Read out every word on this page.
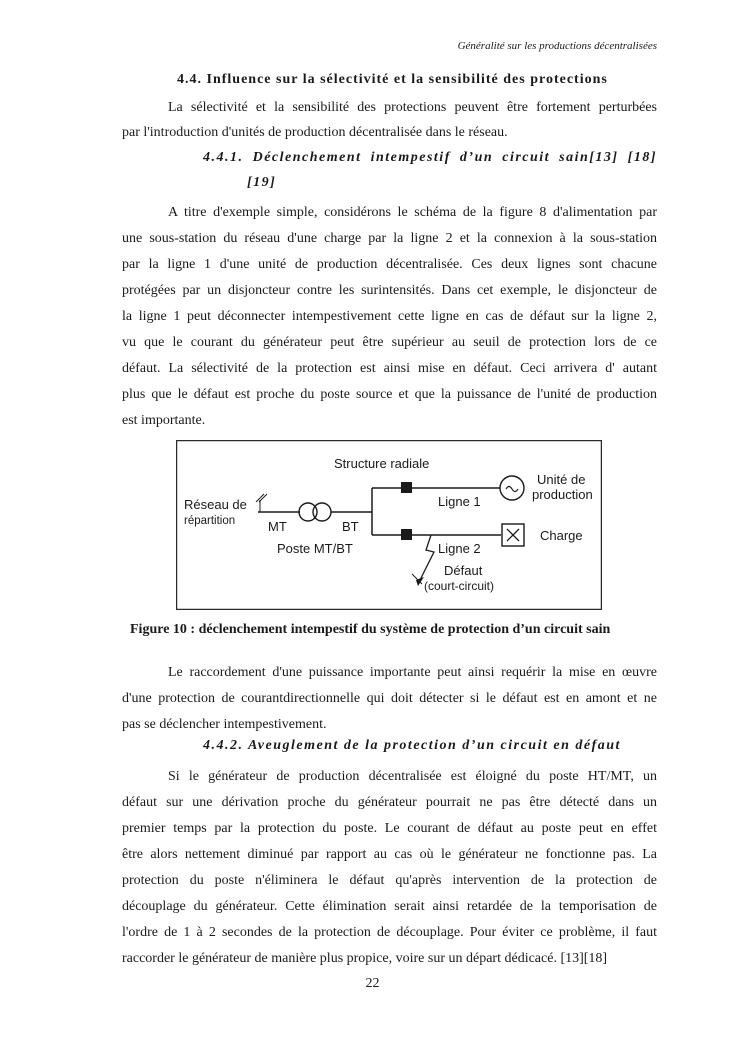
Généralité sur les productions décentralisées
4.4. Influence sur la sélectivité et la sensibilité des protections
La sélectivité et la sensibilité des protections peuvent être fortement perturbées
par l'introduction d'unités de production décentralisée dans le réseau.
4.4.1. Déclenchement intempestif d’un circuit sain[13] [18]
[19]
A titre d'exemple simple, considérons le schéma de la figure 8 d'alimentation par
une sous-station du réseau d'une charge par la ligne 2 et la connexion à la sous-station
par la ligne 1 d'une unité de production décentralisée. Ces deux lignes sont chacune
protégées par un disjoncteur contre les surintensités. Dans cet exemple, le disjoncteur de
la ligne 1 peut déconnecter intempestivement cette ligne en cas de défaut sur la ligne 2,
vu que le courant du générateur peut être supérieur au seuil de protection lors de ce
défaut. La sélectivité de la protection est ainsi mise en défaut. Ceci arrivera d' autant
plus que le défaut est proche du poste source et que la puissance de l'unité de production
est importante.
Structure radiale
Réseau de
répartition	MT	BT
Poste MT/BT
Ligne 1
Ligne 2
Unité de
production
Charge
Défaut
(court-circuit)
Figure 10 : déclenchement intempestif du système de protection d’un circuit sain
Le raccordement d'une puissance importante peut ainsi requérir la mise en œuvre
d'une protection de courantdirectionnelle qui doit détecter si le défaut est en amont et ne
pas se déclencher intempestivement.
4.4.2. Aveuglement de la protection d’un circuit en défaut
Si le générateur de production décentralisée est éloigné du poste HT/MT, un
défaut sur une dérivation proche du générateur pourrait ne pas être détecté dans un
premier temps par la protection du poste. Le courant de défaut au poste peut en effet
être alors nettement diminué par rapport au cas où le générateur ne fonctionne pas. La
protection du poste n'éliminera le défaut qu'après intervention de la protection de
découplage du générateur. Cette élimination serait ainsi retardée de la temporisation de
l'ordre de 1 à 2 secondes de la protection de découplage. Pour éviter ce problème, il faut
raccorder le générateur de manière plus propice, voire sur un départ dédicacé. [13][18]
22
